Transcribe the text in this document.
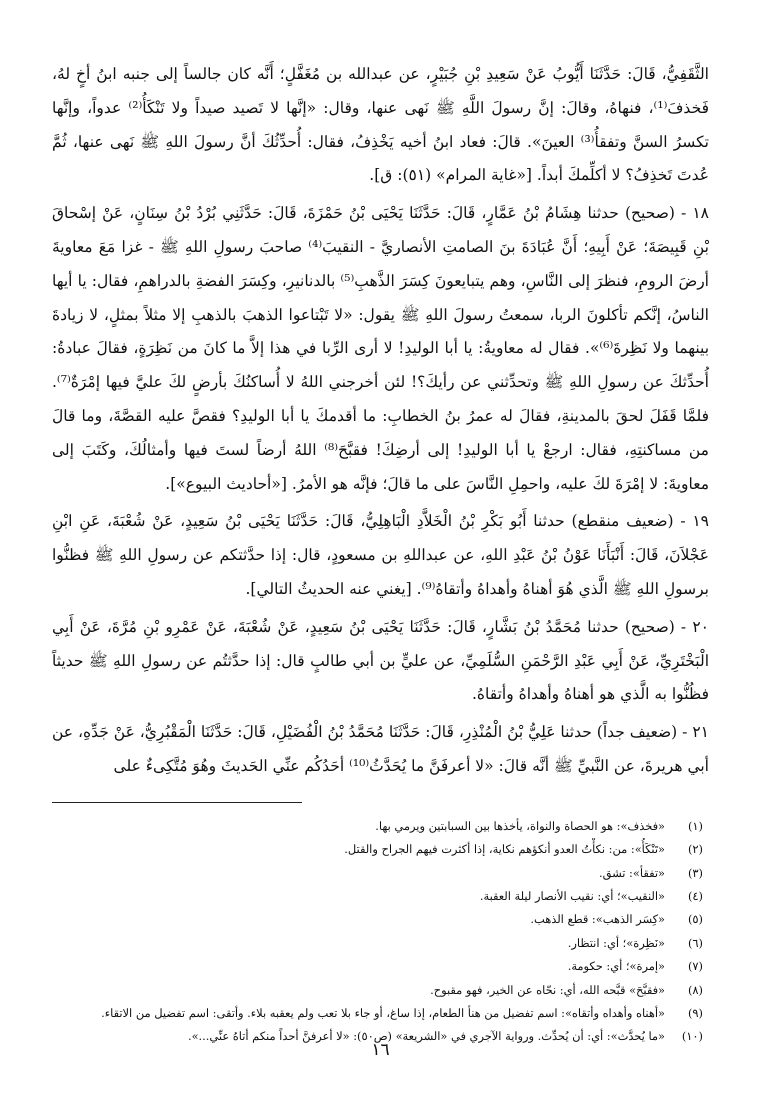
الثَّقَفِيُّ، قَالَ: حَدَّثَنَا أَيُّوبُ عَنْ سَعِيدِ بْنِ جُبَيْرٍ، عن عبدالله بن مُغَفَّلٍ؛ أَنَّه كان جالساً إلى جنبه ابنُ أخٍ لهُ، فَخذفَ⁽¹⁾، فنهاهُ، وقالَ: إنَّ رسولَ اللَّهِ ﷺ نَهى عنها، وقال: «إنَّها لا تَصيد صيداً ولا تَنْكَأُ⁽²⁾ عدواً، وإنَّها تكسرُ السنَّ وتفقأُ⁽³⁾ العينَ». قالَ: فعاد ابنُ أخيه يَخْذِفُ، فقال: أُحدِّثُكَ أنَّ رسولَ اللهِ ﷺ نَهى عنها، ثُمَّ عُدتَ تَخذِفُ؟ لا أكلِّمكَ أبداً. [«غاية المرام» (٥١): ق].

١٨ - (صحيح) حدثنا هِشَامُ بْنُ عَمَّارٍ، قَالَ: حَدَّثَنَا يَحْيَى بْنُ حَمْزَةَ، قَالَ: حَدَّثَنِي بُرْدُ بْنُ سِنَانٍ، عَنْ إسْحاقَ بْنِ قَبِيصَةَ؛ عَنْ أَبِيهِ؛ أَنَّ عُبَادَةَ بنَ الصامتِ الأنصاريَّ - النقيبَ⁽⁴⁾ صاحبَ رسولِ اللهِ ﷺ - غزا مَعَ معاويةَ أرضَ الرومِ، فنظرَ إلى النَّاسِ، وهم يتبايعونَ كِسَرَ الذَّهبِ⁽⁵⁾ بالدنانيرِ، وكِسَرَ الفضةِ بالدراهمِ، فقال: يا أيها الناسُ، إنَّكم تأكلونَ الربا، سمعتُ رسولَ اللهِ ﷺ يقول: «لا تَبْتاعوا الذهبَ بالذهبِ إلا مثلاً بمثلٍ، لا زيادةَ بينهما ولا نَظِرةَ⁽⁶⁾». فقال له معاويةُ: يا أبا الوليدِ! لا أرى الرِّبا في هذا إلاَّ ما كانَ من نَظِرَةٍ، فقالَ عبادةُ: أُحدِّثكَ عن رسولِ اللهِ ﷺ وتحدِّثني عن رأيكَ؟! لئن أخرجني اللهُ لا أُساكنُكَ بأرضٍ لكَ عليَّ فيها إمْرَةٌ⁽⁷⁾. فلمَّا قَفَلَ لحقَ بالمدينةِ، فقالَ له عمرُ بنُ الخطابِ: ما أقدمكَ يا أبا الوليدِ؟ فقصَّ عليه القصَّةَ، وما قالَ من مساكنتِهِ، فقال: ارجعْ يا أبا الوليدِ! إلى أرضِكَ! فقبَّحَ⁽⁸⁾ اللهُ أرضاً لستَ فيها وأمثالُكَ، وكَتَبَ إلى معاويةَ: لا إمْرَةَ لكَ عليه، واحمِلِ النَّاسَ على ما قالَ؛ فإنَّه هو الأمرُ. [«أحاديث البيوع»].

١٩ - (ضعيف منقطع) حدثنا أَبُو بَكْرِ بْنُ الْخَلاَّدِ الْبَاهِلِيُّ، قَالَ: حَدَّثَنَا يَحْيَى بْنُ سَعِيدٍ، عَنْ شُعْبَةَ، عَنِ ابْنِ عَجْلاَنَ، قَالَ: أَنْبَأَنَا عَوْنُ بْنُ عَبْدِ اللهِ، عن عبداللهِ بن مسعودٍ، قال: إذا حدَّثتكم عن رسولِ اللهِ ﷺ فظنُّوا برسولِ اللهِ ﷺ الَّذي هُوَ أهناهُ وأهداهُ وأتقاهُ⁽⁹⁾. [يغني عنه الحديثُ التالي].

٢٠ - (صحيح) حدثنا مُحَمَّدُ بْنُ بَشَّارٍ، قَالَ: حَدَّثَنَا يَحْيَى بْنُ سَعِيدٍ، عَنْ شُعْبَةَ، عَنْ عَمْرِو بْنِ مُرَّةَ، عَنْ أَبِي الْبَخْتَرِيِّ، عَنْ أَبِي عَبْدِ الرَّحْمَنِ السُّلَمِيِّ، عن عليٍّ بن أبي طالبٍ قال: إذا حدَّثتُم عن رسولِ اللهِ ﷺ حديثاً فظُنُّوا به الَّذي هو أهناهُ وأهداهُ وأتقاهُ.

٢١ - (ضعيف جداً) حدثنا عَلِيُّ بْنُ الْمُنْذِرِ، قَالَ: حَدَّثَنَا مُحَمَّدُ بْنُ الْفُضَيْلِ، قَالَ: حَدَّثَنَا الْمَقْبُرِيُّ، عَنْ جَدِّهِ، عن أبي هريرةَ، عن النَّبيِّ ﷺ أنَّه قالَ: «لا أعرفَنَّ ما يُحَدَّثُ⁽¹⁰⁾ أحَدُكُم عنِّي الحَديثَ وهُوَ مُتَّكِىءٌ على

(١)
«فخذف»: هو الحصاة والنواة، يأخذها بين السبابتين ويرمي بها.
(٢)
«تَنْكَأُ»: من: نكأْتُ العدو أنكؤهم نكاية، إذا أكثرت فيهم الجراح والقتل.
(٣)
«تفقأ»: تشق.
(٤)
«النقيب»؛ أي: نقيب الأنصار ليلة العقبة.
(٥)
«كِسَر الذهب»: قطع الذهب.
(٦)
«نَظِرة»؛ أي: انتظار.
(٧)
«إمرة»؛ أي: حكومة.
(٨)
«فقبَّحَ» قبَّحه الله، أي: نحّاه عن الخير، فهو مقبوح.
(٩)
«أهناه وأهداه وأتقاه»: اسم تفضيل من هنأ الطعام، إذا ساغ، أو جاء بلا تعب ولم يعقبه بلاء. وأتقى: اسم تفضيل من الاتقاء.
(١٠)
«ما يُحدَّث»: أي: أن يُحدِّث. ورواية الآجري في «الشريعة» (ص٥٠): «لا أعرفنَّ أحداً منكم أتاهُ عنِّي...».
١٦
